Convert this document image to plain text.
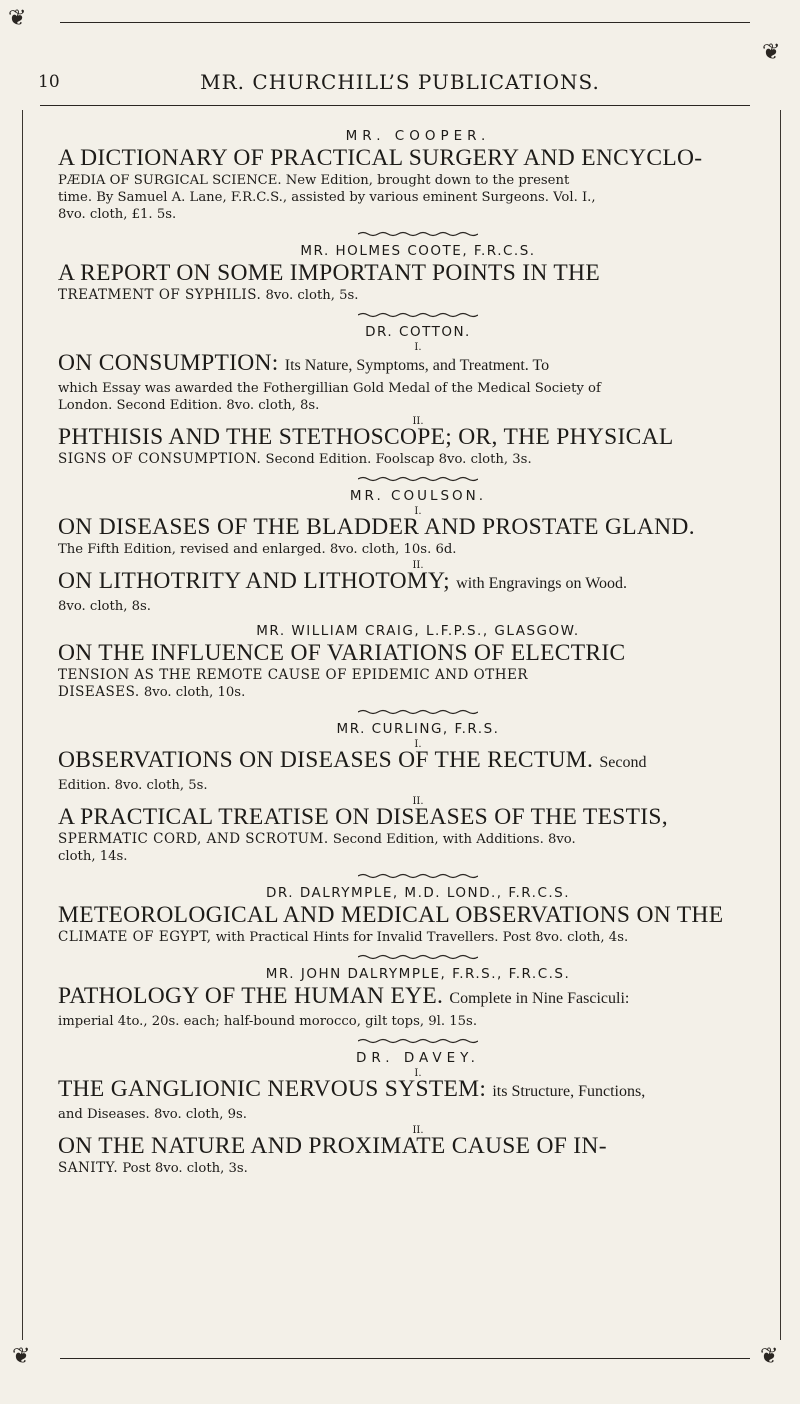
❦
❦
❦	❦
10	MR. CHURCHILL’S PUBLICATIONS.

MR. COOPER.

A DICTIONARY OF PRACTICAL SURGERY AND ENCYCLO-

PÆDIA OF SURGICAL SCIENCE. New Edition, brought down to the present

time. By Samuel A. Lane, F.R.C.S., assisted by various eminent Surgeons. Vol. I.,

8vo. cloth, £1. 5s.

MR. HOLMES COOTE, F.R.C.S.

A REPORT ON SOME IMPORTANT POINTS IN THE

TREATMENT OF SYPHILIS. 8vo. cloth, 5s.

DR. COTTON.

I.

ON CONSUMPTION: Its Nature, Symptoms, and Treatment. To

which Essay was awarded the Fothergillian Gold Medal of the Medical Society of

London. Second Edition. 8vo. cloth, 8s.

II.

PHTHISIS AND THE STETHOSCOPE; OR, THE PHYSICAL

SIGNS OF CONSUMPTION. Second Edition. Foolscap 8vo. cloth, 3s.

MR. COULSON.

I.

ON DISEASES OF THE BLADDER AND PROSTATE GLAND.

The Fifth Edition, revised and enlarged. 8vo. cloth, 10s. 6d.

II.

ON LITHOTRITY AND LITHOTOMY; with Engravings on Wood.

8vo. cloth, 8s.

MR. WILLIAM CRAIG, L.F.P.S., GLASGOW.

ON THE INFLUENCE OF VARIATIONS OF ELECTRIC

TENSION AS THE REMOTE CAUSE OF EPIDEMIC AND OTHER

DISEASES. 8vo. cloth, 10s.

MR. CURLING, F.R.S.

I.

OBSERVATIONS ON DISEASES OF THE RECTUM. Second

Edition. 8vo. cloth, 5s.

II.

A PRACTICAL TREATISE ON DISEASES OF THE TESTIS,

SPERMATIC CORD, AND SCROTUM. Second Edition, with Additions. 8vo.

cloth, 14s.

DR. DALRYMPLE, M.D. LOND., F.R.C.S.

METEOROLOGICAL AND MEDICAL OBSERVATIONS ON THE

CLIMATE OF EGYPT, with Practical Hints for Invalid Travellers. Post 8vo. cloth, 4s.

MR. JOHN DALRYMPLE, F.R.S., F.R.C.S.

PATHOLOGY OF THE HUMAN EYE. Complete in Nine Fasciculi:

imperial 4to., 20s. each; half-bound morocco, gilt tops, 9l. 15s.

DR. DAVEY.

I.

THE GANGLIONIC NERVOUS SYSTEM: its Structure, Functions,

and Diseases. 8vo. cloth, 9s.

II.

ON THE NATURE AND PROXIMATE CAUSE OF IN-

SANITY. Post 8vo. cloth, 3s.
